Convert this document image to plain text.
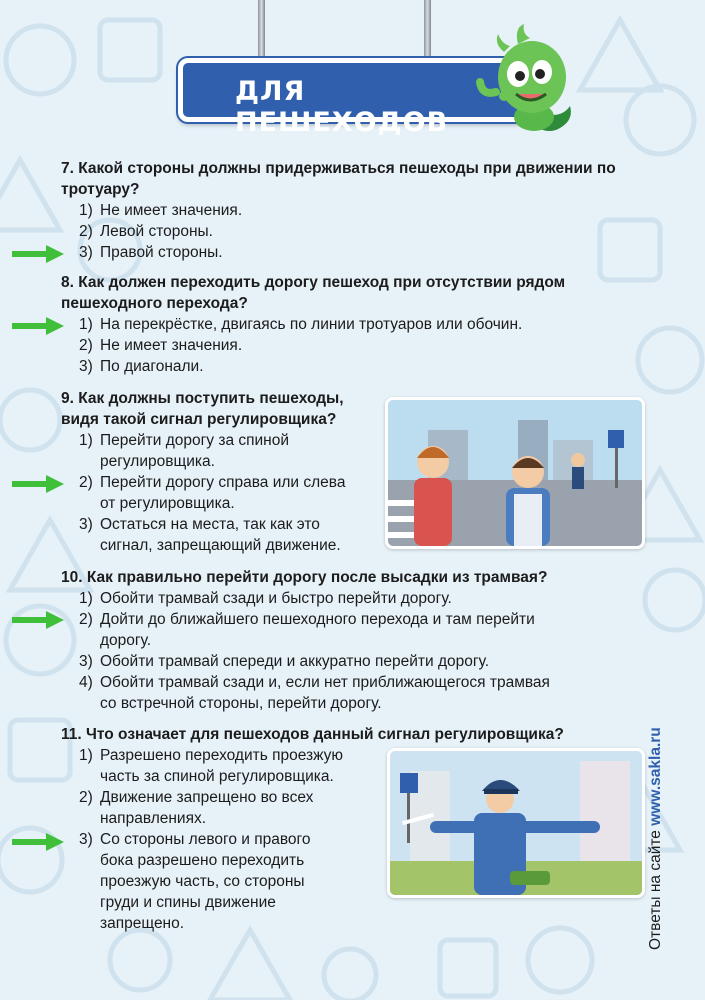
ДЛЯ ПЕШЕХОДОВ
7. Какой стороны должны придерживаться пешеходы при движении по тротуару?
1) Не имеет значения.
2) Левой стороны.
3) Правой стороны.
8. Как должен переходить дорогу пешеход при отсутствии рядом пешеходного перехода?
1) На перекрёстке, двигаясь по линии тротуаров или обочин.
2) Не имеет значения.
3) По диагонали.
9. Как должны поступить пешеходы,
видя такой сигнал регулировщика?
1) Перейти дорогу за спиной
регулировщика.
2) Перейти дорогу справа или слева
от регулировщика.
3) Остаться на места, так как это
сигнал, запрещающий движение.
10. Как правильно перейти дорогу после высадки из трамвая?
1) Обойти трамвай сзади и быстро перейти дорогу.
2) Дойти до ближайшего пешеходного перехода и там перейти
дорогу.
3) Обойти трамвай спереди и аккуратно перейти дорогу.
4) Обойти трамвай сзади и, если нет приближающегося трамвая
со встречной стороны, перейти дорогу.
11. Что означает для пешеходов данный сигнал регулировщика?
1) Разрешено переходить проезжую
часть за спиной регулировщика.
2) Движение запрещено во всех
направлениях.
3) Со стороны левого и правого
бока разрешено переходить
проезжую часть, со стороны
груди и спины движение
запрещено.	Ответы на сайте www.sakla.ru
